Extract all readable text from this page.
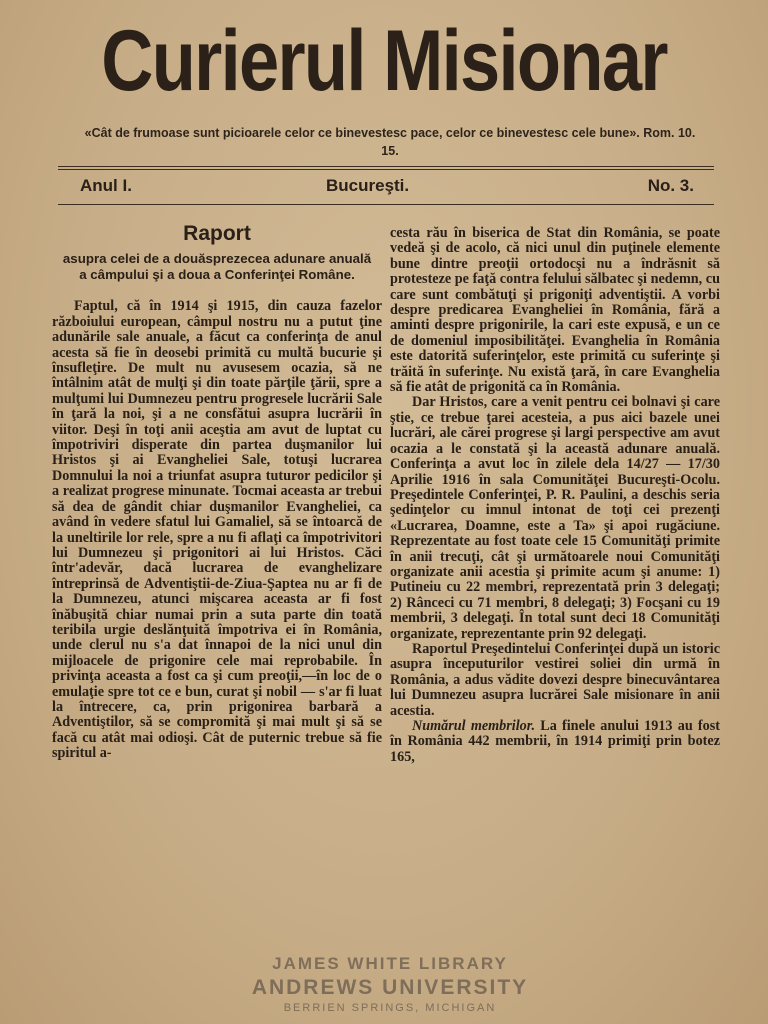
Curierul Misionar
«Cât de frumoase sunt picioarele celor ce binevestesc pace, celor ce binevestesc cele bune». Rom. 10. 15.
Anul I.	Bucureşti.	No. 3.
Raport
asupra celei de a douăsprezecea adunare anuală a câmpului şi a doua a Conferinţei Române.

Faptul, că în 1914 şi 1915, din cauza fazelor războiului european, câmpul nostru nu a putut ţine adunările sale anuale, a făcut ca conferinţa de anul acesta să fie în deosebi primită cu multă bucurie şi însufleţire. De mult nu avusesem ocazia, să ne întâlnim atât de mulţi şi din toate părţile ţării, spre a mulţumi lui Dumnezeu pentru progresele lucrării Sale în ţară la noi, şi a ne consfătui asupra lucrării în viitor. Deşi în toţi anii aceştia am avut de luptat cu împotriviri disperate din partea duşmanilor lui Hristos şi ai Evangheliei Sale, totuşi lucrarea Domnului la noi a triunfat asupra tuturor pedicilor şi a realizat progrese minunate. Tocmai aceasta ar trebui să dea de gândit chiar duşmanilor Evangheliei, ca având în vedere sfatul lui Gamaliel, să se întoarcă de la uneltirile lor rele, spre a nu fi aflaţi ca împotrivitori lui Dumnezeu şi prigonitori ai lui Hristos. Căci într'adevăr, dacă lucrarea de evanghelizare întreprinsă de Adventiştii-de-Ziua-Şaptea nu ar fi de la Dumnezeu, atunci mişcarea aceasta ar fi fost înăbuşită chiar numai prin a suta parte din toată teribila urgie deslănţuită împotriva ei în România, unde clerul nu s'a dat înnapoi de la nici unul din mijloacele de prigonire cele mai reprobabile. În privinţa aceasta a fost ca şi cum preoţii,—în loc de o emulaţie spre tot ce e bun, curat şi nobil — s'ar fi luat la întrecere, ca, prin prigonirea barbară a Adventiştilor, să se compromită şi mai mult şi să se facă cu atât mai odioşi. Cât de puternic trebue să fie spiritul a-

cesta rău în biserica de Stat din România, se poate vedeă şi de acolo, că nici unul din puţinele elemente bune dintre preoţii ortodocşi nu a îndrăsnit să protesteze pe faţă contra felului sălbatec şi nedemn, cu care sunt combătuţi şi prigoniţi adventiştii. A vorbi despre predicarea Evangheliei în România, fără a aminti despre prigonirile, la cari este expusă, e un ce de domeniul imposibilităţei. Evanghelia în România este datorită suferinţelor, este primită cu suferinţe şi trăită în suferinţe. Nu există ţară, în care Evanghelia să fie atât de prigonită ca în România.

Dar Hristos, care a venit pentru cei bolnavi şi care ştie, ce trebue ţarei acesteia, a pus aici bazele unei lucrări, ale cărei progrese şi largi perspective am avut ocazia a le constată şi la această adunare anuală. Conferinţa a avut loc în zilele dela 14/27 — 17/30 Aprilie 1916 în sala Comunităţei Bucureşti-Ocolu. Preşedintele Conferinţei, P. R. Paulini, a deschis seria şedinţelor cu imnul intonat de toţi cei prezenţi «Lucrarea, Doamne, este a Ta» şi apoi rugăciune. Reprezentate au fost toate cele 15 Comunităţi primite în anii trecuţi, cât şi următoarele noui Comunităţi organizate anii acestia şi primite acum şi anume: 1) Putineiu cu 22 membri, reprezentată prin 3 delegaţi; 2) Rânceci cu 71 membri, 8 delegaţi; 3) Focşani cu 19 membrii, 3 delegaţi. În total sunt deci 18 Comunităţi organizate, reprezentante prin 92 delegaţi.

Raportul Preşedintelui Conferinţei după un istoric asupra începuturilor vestirei soliei din urmă în România, a adus vădite dovezi despre binecuvântarea lui Dumnezeu asupra lucrărei Sale misionare în anii acestia.

Numărul membrilor. La finele anului 1913 au fost în România 442 membrii, în 1914 primiţi prin botez 165,

JAMES WHITE LIBRARY
ANDREWS UNIVERSITY
BERRIEN SPRINGS, MICHIGAN
